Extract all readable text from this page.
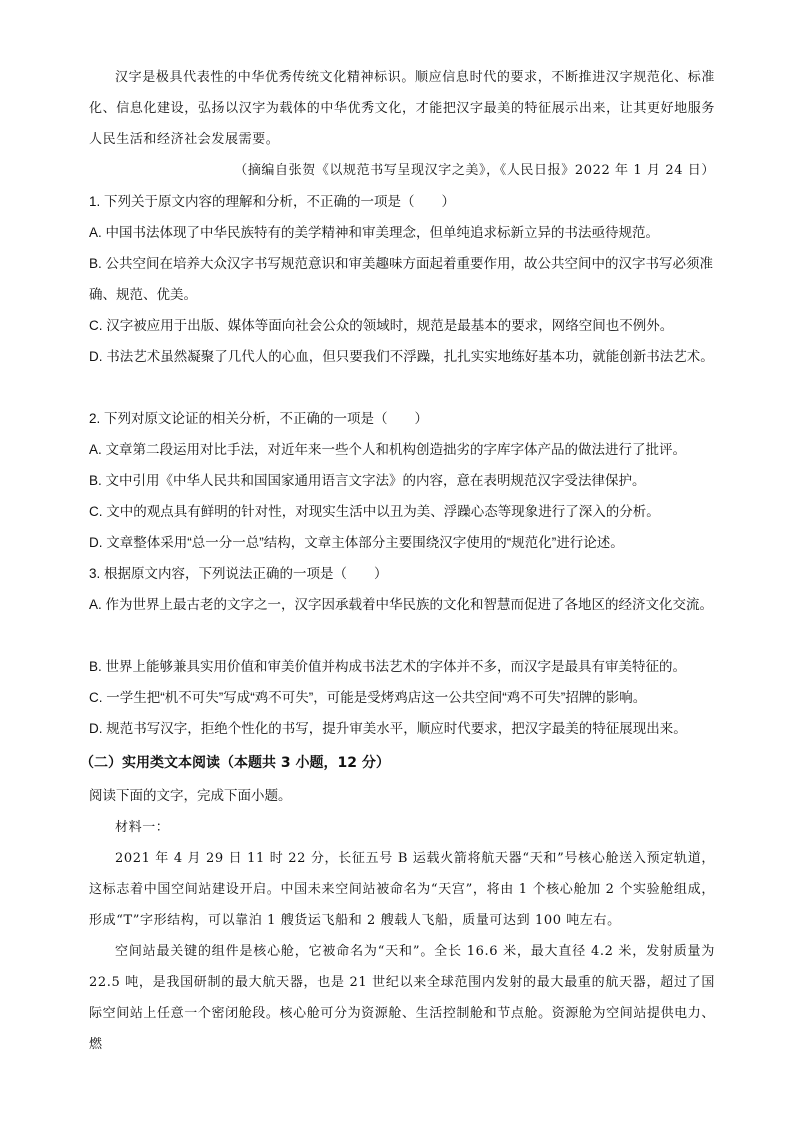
汉字是极具代表性的中华优秀传统文化精神标识。顺应信息时代的要求，不断推进汉字规范化、标准化、信息化建设，弘扬以汉字为载体的中华优秀文化，才能把汉字最美的特征展示出来，让其更好地服务人民生活和经济社会发展需要。

（摘编自张贺《以规范书写呈现汉字之美》，《人民日报》2022 年 1 月 24 日）

1. 下列关于原文内容的理解和分析，不正确的一项是（　　）

A. 中国书法体现了中华民族特有的美学精神和审美理念，但单纯追求标新立异的书法亟待规范。

B. 公共空间在培养大众汉字书写规范意识和审美趣味方面起着重要作用，故公共空间中的汉字书写必须准确、规范、优美。

C. 汉字被应用于出版、媒体等面向社会公众的领域时，规范是最基本的要求，网络空间也不例外。

D. 书法艺术虽然凝聚了几代人的心血，但只要我们不浮躁，扎扎实实地练好基本功，就能创新书法艺术。

2. 下列对原文论证的相关分析，不正确的一项是（　　）

A. 文章第二段运用对比手法，对近年来一些个人和机构创造拙劣的字库字体产品的做法进行了批评。

B. 文中引用《中华人民共和国国家通用语言文字法》的内容，意在表明规范汉字受法律保护。

C. 文中的观点具有鲜明的针对性，对现实生活中以丑为美、浮躁心态等现象进行了深入的分析。

D. 文章整体采用“总一分一总”结构，文章主体部分主要围绕汉字使用的“规范化”进行论述。

3. 根据原文内容，下列说法正确的一项是（　　）

A. 作为世界上最古老的文字之一，汉字因承载着中华民族的文化和智慧而促进了各地区的经济文化交流。

B. 世界上能够兼具实用价值和审美价值并构成书法艺术的字体并不多，而汉字是最具有审美特征的。

C. 一学生把“机不可失”写成“鸡不可失”，可能是受烤鸡店这一公共空间“鸡不可失”招牌的影响。

D. 规范书写汉字，拒绝个性化的书写，提升审美水平，顺应时代要求，把汉字最美的特征展现出来。

（二）实用类文本阅读（本题共 3 小题，12 分）

阅读下面的文字，完成下面小题。

材料一：

2021 年 4 月 29 日 11 时 22 分，长征五号 B 运载火箭将航天器“天和”号核心舱送入预定轨道，这标志着中国空间站建设开启。中国未来空间站被命名为“天宫”，将由 1 个核心舱加 2 个实验舱组成，形成“T”字形结构，可以靠泊 1 艘货运飞船和 2 艘载人飞船，质量可达到 100 吨左右。

空间站最关键的组件是核心舱，它被命名为“天和”。全长 16.6 米，最大直径 4.2 米，发射质量为 22.5 吨，是我国研制的最大航天器，也是 21 世纪以来全球范围内发射的最大最重的航天器，超过了国际空间站上任意一个密闭舱段。核心舱可分为资源舱、生活控制舱和节点舱。资源舱为空间站提供电力、燃
